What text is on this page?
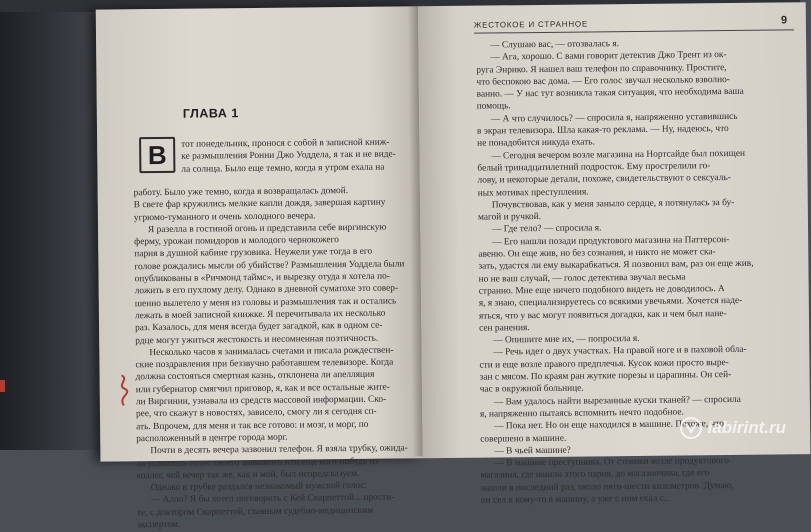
ГЛАВА 1
В тот понедельник, пронося с собой в записной книж-

ке размышления Ронни Джо Уоддела, я так и не виде-

ла солнца. Было еще темно, когда я утром ехала на

работу. Было уже темно, когда я возвращалась домой.

В свете фар кружились мелкие капли дождя, завершая картину

угрюмо-туманного и очень холодного вечера.

Я разелла в гостиной огонь и представила себе виргинскую

ферму, урожаи помидоров и молодого чернокожего

парня в душной кабине грузовика. Неужели уже тогда в его

голове рождались мысли об убийстве? Размышления Уоддела были

опубликованы в «Ричмонд таймс», и вырезку отуда я хотела по-

ложить в его пухлому делу. Однако в дневной суматохе это совер-

шенно вылетело у меня из головы и размышления так и остались

лежать в моей записной книжке. Я перечитывала их несколько

раз. Казалось, для меня всегда будет загадкой, как в одном се-

рдце могут ужиться жестокость и несомненная поэтичность.

Несколько часов я занималась счетами и писала рождествен-

ские поздравления при беззвучно работавшем телевизоре. Когда

должна состояться смертная казнь, отклонена ли апелляция

или губернатор смягчил приговор, я, как и все остальные жите-

ли Виргинии, узнавала из средств массовой информации. Ско-

рее, что скажут в новостях, зависело, смогу ли я сегодня сп-

ать. Впрочем, для меня и так все готово: и мозг, и морг, по

расположенный в центре города морг.

Почти в десять вечера зазвонил телефон. Я взяла трубку, ожида-

ла услышать голос своего знакомого или еще кого-нибудь из

коллег, чей вечер так же, как и мой, был непредсказуем.

Однако в трубке раздался незнакомый мужской голос:

— Алло? Я бы хотел поговорить с Кей Скарпеттой... прости-

те, с доктором Скарпеттой, главным судебно-медицинским

экспертом.

ЖЕСТОКОЕ И СТРАННОЕ	9

— Слушаю вас, — отозвалась я.

— Ага, хорошо. С вами говорит детектив Джо Трент из ок-

руга Энрико. Я нашел ваш телефон по справочнику. Простите,

что беспокою вас дома. — Его голос звучал несколько взволно-

ванно. — У нас тут возникла такая ситуация, что необходима ваша

помощь.

— А что случилось? — спросила я, напряженно уставившись

в экран телевизора. Шла какая-то реклама. — Ну, надеюсь, что

не понадобится никуда ехать.

— Сегодня вечером возле магазина на Нортсайде был похищен

белый тринадцатилетний подросток. Ему прострелили го-

лову, и некоторые детали, похоже, свидетельствуют о сексуаль-

ных мотивах преступления.

Почувствовав, как у меня заныло сердце, я потянулась за бу-

магой и ручкой.

— Где тело? — спросила я.

— Его нашли позади продуктового магазина на Паттерсон-

авеню. Он еще жив, но без сознания, и никто не может ска-

зать, удастся ли ему выкарабкаться. Я позвонил вам, раз он еще жив,

но не ваш случай, — голос детектива звучал весьма

странно. Мне еще ничего подобного видеть не доводилось. А

я, я знаю, специализируетесь со всякими увечьями. Хочется наде-

яться, что у вас могут появиться догадки, как и чем был нане-

сен ранения.

— Опишите мне их, — попросила я.

— Речь идет о двух участках. На правой ноге и в паховой обла-

сти и еще возле правого предплечья. Кусок кожи просто выре-

зан с мясом. По краям ран жуткие порезы и царапины. Он сей-

час в окружной больнице.

— Вам удалось найти вырезанные куски тканей? — спросила

я, напряженно пытаясь вспомнить нечто подобное.

— Пока нет. Но он еще находился в машине. Похоже, что

совершено в машине.

— В чьей машине?

— В машине преступника. От стоянки возле продуктового

магазина, где нашли этого парня, до магазинчика, где его

нашли в последний раз, около пяти-шести километров. Думаю,

он сел к кому-то в машину, а уже с ним ехал с...

labirint.ru
